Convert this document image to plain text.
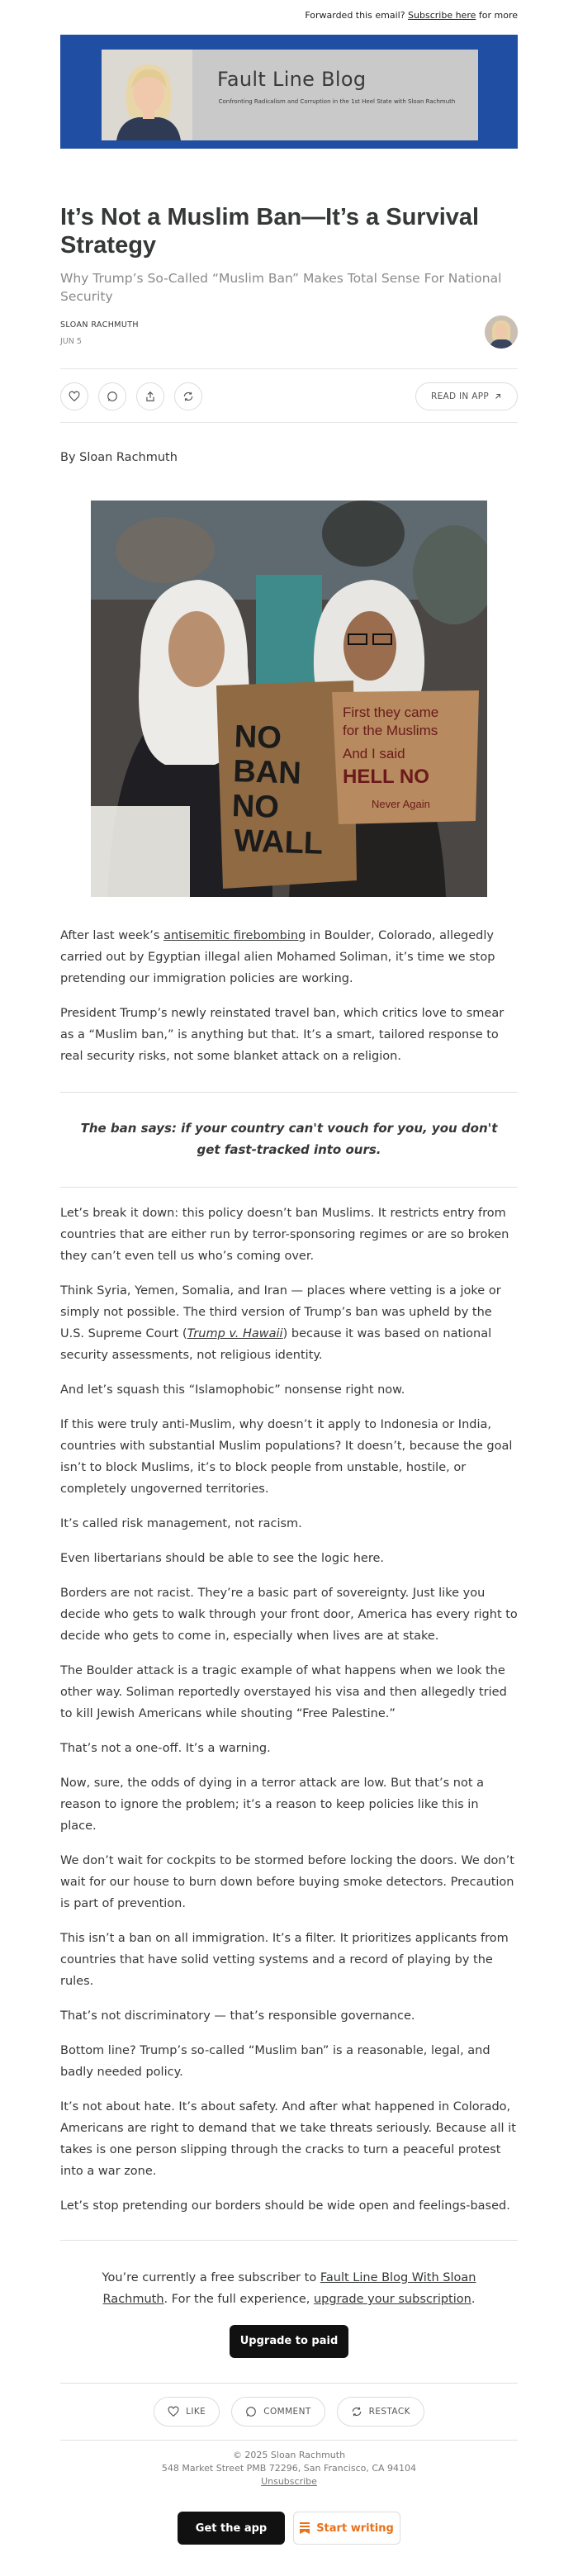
Forwarded this email? Subscribe here for more
Fault Line Blog
Confronting Radicalism and Corruption in the 1st Heel State with Sloan Rachmuth
It’s Not a Muslim Ban—It’s a Survival Strategy
Why Trump’s So-Called “Muslim Ban” Makes Total Sense For National Security
SLOAN RACHMUTH
JUN 5
READ IN APP
By Sloan Rachmuth
NO BAN NO WALL
First they came for the Muslims And I said HELL NO Never Again

After last week’s antisemitic firebombing in Boulder, Colorado, allegedly carried out by Egyptian illegal alien Mohamed Soliman, it’s time we stop pretending our immigration policies are working.

President Trump’s newly reinstated travel ban, which critics love to smear as a “Muslim ban,” is anything but that. It’s a smart, tailored response to real security risks, not some blanket attack on a religion.

The ban says: if your country can't vouch for you, you don't get fast-tracked into ours.

Let’s break it down: this policy doesn’t ban Muslims. It restricts entry from countries that are either run by terror-sponsoring regimes or are so broken they can’t even tell us who’s coming over.

Think Syria, Yemen, Somalia, and Iran — places where vetting is a joke or simply not possible. The third version of Trump’s ban was upheld by the U.S. Supreme Court (Trump v. Hawaii) because it was based on national security assessments, not religious identity.

And let’s squash this “Islamophobic” nonsense right now.

If this were truly anti-Muslim, why doesn’t it apply to Indonesia or India, countries with substantial Muslim populations? It doesn’t, because the goal isn’t to block Muslims, it’s to block people from unstable, hostile, or completely ungoverned territories.

It’s called risk management, not racism.

Even libertarians should be able to see the logic here.

Borders are not racist. They’re a basic part of sovereignty. Just like you decide who gets to walk through your front door, America has every right to decide who gets to come in, especially when lives are at stake.

The Boulder attack is a tragic example of what happens when we look the other way. Soliman reportedly overstayed his visa and then allegedly tried to kill Jewish Americans while shouting “Free Palestine.”

That’s not a one-off. It’s a warning.

Now, sure, the odds of dying in a terror attack are low. But that’s not a reason to ignore the problem; it’s a reason to keep policies like this in place.

We don’t wait for cockpits to be stormed before locking the doors. We don’t wait for our house to burn down before buying smoke detectors. Precaution is part of prevention.

This isn’t a ban on all immigration. It’s a filter. It prioritizes applicants from countries that have solid vetting systems and a record of playing by the rules.

That’s not discriminatory — that’s responsible governance.

Bottom line? Trump’s so-called “Muslim ban” is a reasonable, legal, and badly needed policy.

It’s not about hate. It’s about safety. And after what happened in Colorado, Americans are right to demand that we take threats seriously. Because all it takes is one person slipping through the cracks to turn a peaceful protest into a war zone.

Let’s stop pretending our borders should be wide open and feelings-based.

You’re currently a free subscriber to Fault Line Blog With Sloan Rachmuth. For the full experience, upgrade your subscription.
Upgrade to paid
LIKE	COMMENT	RESTACK
© 2025 Sloan Rachmuth
548 Market Street PMB 72296, San Francisco, CA 94104
Unsubscribe
Get the app	Start writing
